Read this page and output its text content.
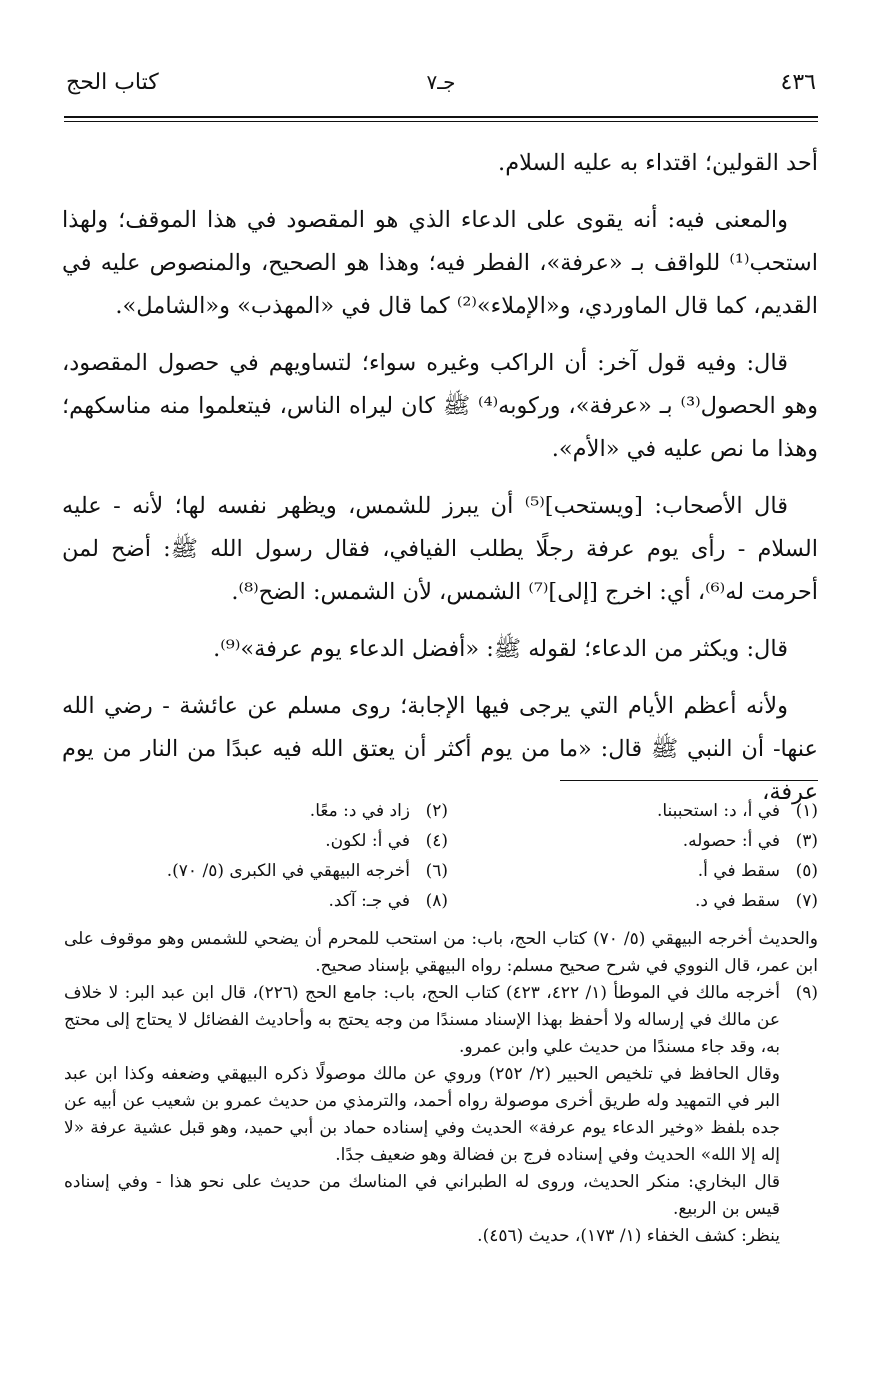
٤٣٦
جـ٧
كتاب الحج

أحد القولين؛ اقتداء به عليه السلام.

والمعنى فيه: أنه يقوى على الدعاء الذي هو المقصود في هذا الموقف؛ ولهذا استحب⁽¹⁾ للواقف بـ «عرفة»، الفطر فيه؛ وهذا هو الصحيح، والمنصوص عليه في القديم، كما قال الماوردي، و«الإملاء»⁽²⁾ كما قال في «المهذب» و«الشامل».

قال: وفيه قول آخر: أن الراكب وغيره سواء؛ لتساويهم في حصول المقصود، وهو الحصول⁽³⁾ بـ «عرفة»، وركوبه⁽⁴⁾ ﷺ كان ليراه الناس، فيتعلموا منه مناسكهم؛ وهذا ما نص عليه في «الأم».

قال الأصحاب: [ويستحب]⁽⁵⁾ أن يبرز للشمس، ويظهر نفسه لها؛ لأنه - عليه السلام - رأى يوم عرفة رجلًا يطلب الفيافي، فقال رسول الله ﷺ: أضح لمن أحرمت له⁽⁶⁾، أي: اخرج [إلى]⁽⁷⁾ الشمس، لأن الشمس: الضح⁽⁸⁾.

قال: ويكثر من الدعاء؛ لقوله ﷺ: «أفضل الدعاء يوم عرفة»⁽⁹⁾.

ولأنه أعظم الأيام التي يرجى فيها الإجابة؛ روى مسلم عن عائشة - رضي الله عنها- أن النبي ﷺ قال: «ما من يوم أكثر أن يعتق الله فيه عبدًا من النار من يوم عرفة،

(١)
في أ، د: استحببنا.
(٢)
زاد في د: معًا.
(٣)
في أ: حصوله.
(٤)
في أ: لكون.
(٥)
سقط في أ.
(٦)
أخرجه البيهقي في الكبرى (٥/ ٧٠).
(٧)
سقط في د.
(٨)
في جـ: آكد.

والحديث أخرجه البيهقي (٥/ ٧٠) كتاب الحج، باب: من استحب للمحرم أن يضحي للشمس وهو موقوف على ابن عمر، قال النووي في شرح صحيح مسلم: رواه البيهقي بإسناد صحيح.

(٩)

أخرجه مالك في الموطأ (١/ ٤٢٢، ٤٢٣) كتاب الحج، باب: جامع الحج (٢٢٦)، قال ابن عبد البر: لا خلاف عن مالك في إرساله ولا أحفظ بهذا الإسناد مسندًا من وجه يحتج به وأحاديث الفضائل لا يحتاج إلى محتج به، وقد جاء مسندًا من حديث علي وابن عمرو.

وقال الحافظ في تلخيص الحبير (٢/ ٢٥٢) وروي عن مالك موصولًا ذكره البيهقي وضعفه وكذا ابن عبد البر في التمهيد وله طريق أخرى موصولة رواه أحمد، والترمذي من حديث عمرو بن شعيب عن أبيه عن جده بلفظ «وخير الدعاء يوم عرفة» الحديث وفي إسناده حماد بن أبي حميد، وهو قبل عشية عرفة «لا إله إلا الله» الحديث وفي إسناده فرج بن فضالة وهو ضعيف جدًا.

قال البخاري: منكر الحديث، وروى له الطبراني في المناسك من حديث على نحو هذا - وفي إسناده قيس بن الربيع.

ينظر: كشف الخفاء (١/ ١٧٣)، حديث (٤٥٦).
